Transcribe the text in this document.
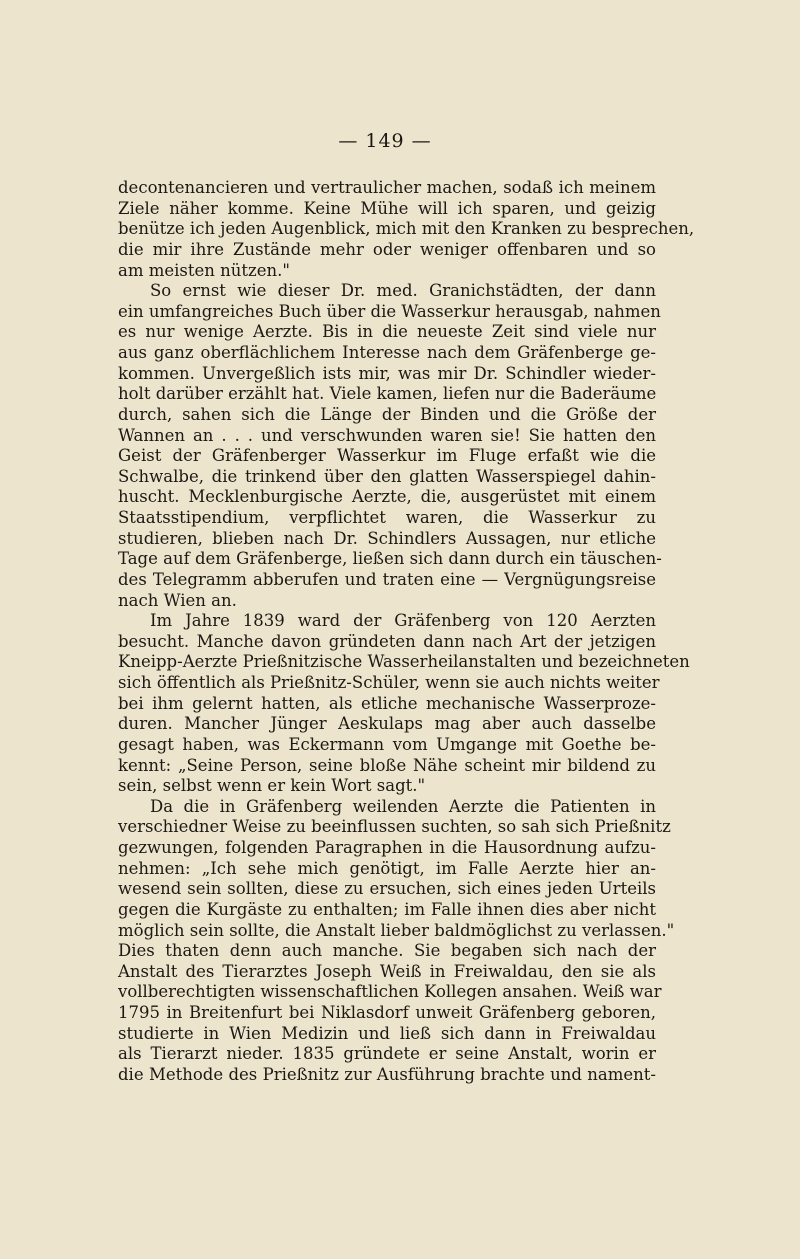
— 149 —
decontenancieren und vertraulicher machen, sodaß ich meinem
Ziele näher komme. Keine Mühe will ich sparen, und geizig
benütze ich jeden Augenblick, mich mit den Kranken zu besprechen,
die mir ihre Zustände mehr oder weniger offenbaren und so
am meisten nützen."
So ernst wie dieser Dr. med. Granichstädten, der dann
ein umfangreiches Buch über die Wasserkur herausgab, nahmen
es nur wenige Aerzte. Bis in die neueste Zeit sind viele nur
aus ganz oberflächlichem Interesse nach dem Gräfenberge ge-
kommen. Unvergeßlich ists mir, was mir Dr. Schindler wieder-
holt darüber erzählt hat. Viele kamen, liefen nur die Baderäume
durch, sahen sich die Länge der Binden und die Größe der
Wannen an . . . und verschwunden waren sie! Sie hatten den
Geist der Gräfenberger Wasserkur im Fluge erfaßt wie die
Schwalbe, die trinkend über den glatten Wasserspiegel dahin-
huscht. Mecklenburgische Aerzte, die, ausgerüstet mit einem
Staatsstipendium, verpflichtet waren, die Wasserkur zu
studieren, blieben nach Dr. Schindlers Aussagen, nur etliche
Tage auf dem Gräfenberge, ließen sich dann durch ein täuschen-
des Telegramm abberufen und traten eine — Vergnügungsreise
nach Wien an.
Im Jahre 1839 ward der Gräfenberg von 120 Aerzten
besucht. Manche davon gründeten dann nach Art der jetzigen
Kneipp-Aerzte Prießnitzische Wasserheilanstalten und bezeichneten
sich öffentlich als Prießnitz-Schüler, wenn sie auch nichts weiter
bei ihm gelernt hatten, als etliche mechanische Wasserproze-
duren. Mancher Jünger Aeskulaps mag aber auch dasselbe
gesagt haben, was Eckermann vom Umgange mit Goethe be-
kennt: „Seine Person, seine bloße Nähe scheint mir bildend zu
sein, selbst wenn er kein Wort sagt."
Da die in Gräfenberg weilenden Aerzte die Patienten in
verschiedner Weise zu beeinflussen suchten, so sah sich Prießnitz
gezwungen, folgenden Paragraphen in die Hausordnung aufzu-
nehmen: „Ich sehe mich genötigt, im Falle Aerzte hier an-
wesend sein sollten, diese zu ersuchen, sich eines jeden Urteils
gegen die Kurgäste zu enthalten; im Falle ihnen dies aber nicht
möglich sein sollte, die Anstalt lieber baldmöglichst zu verlassen."
Dies thaten denn auch manche. Sie begaben sich nach der
Anstalt des Tierarztes Joseph Weiß in Freiwaldau, den sie als
vollberechtigten wissenschaftlichen Kollegen ansahen. Weiß war
1795 in Breitenfurt bei Niklasdorf unweit Gräfenberg geboren,
studierte in Wien Medizin und ließ sich dann in Freiwaldau
als Tierarzt nieder. 1835 gründete er seine Anstalt, worin er
die Methode des Prießnitz zur Ausführung brachte und nament-
